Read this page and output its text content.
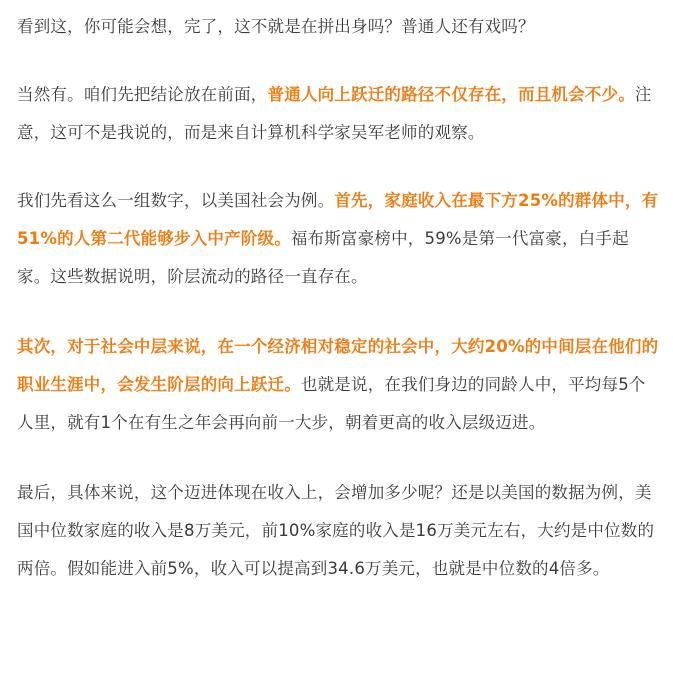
看到这，你可能会想，完了，这不就是在拼出身吗？普通人还有戏吗？

当然有。咱们先把结论放在前面，普通人向上跃迁的路径不仅存在，而且机会不少。注意，这可不是我说的，而是来自计算机科学家吴军老师的观察。

我们先看这么一组数字，以美国社会为例。首先，家庭收入在最下方25%的群体中，有51%的人第二代能够步入中产阶级。福布斯富豪榜中，59%是第一代富豪，白手起家。这些数据说明，阶层流动的路径一直存在。

其次，对于社会中层来说，在一个经济相对稳定的社会中，大约20%的中间层在他们的职业生涯中，会发生阶层的向上跃迁。也就是说，在我们身边的同龄人中，平均每5个人里，就有1个在有生之年会再向前一大步，朝着更高的收入层级迈进。

最后，具体来说，这个迈进体现在收入上，会增加多少呢？还是以美国的数据为例，美国中位数家庭的收入是8万美元，前10%家庭的收入是16万美元左右，大约是中位数的两倍。假如能进入前5%，收入可以提高到34.6万美元，也就是中位数的4倍多。
